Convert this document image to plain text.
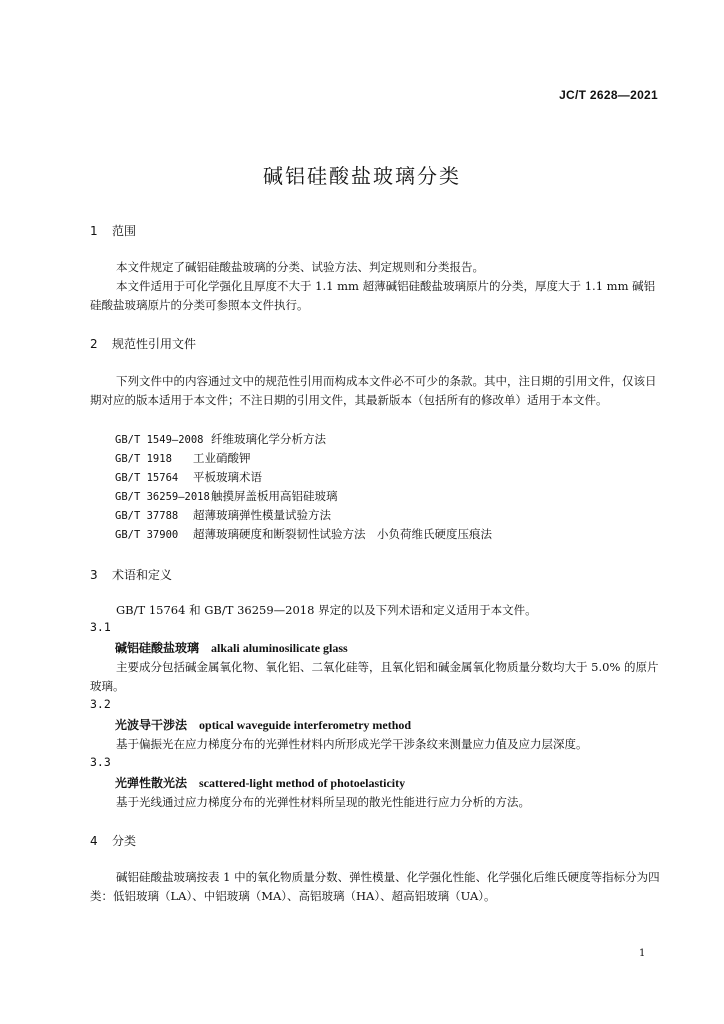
JC/T 2628—2021
碱铝硅酸盐玻璃分类
1 范围
本文件规定了碱铝硅酸盐玻璃的分类、试验方法、判定规则和分类报告。
本文件适用于可化学强化且厚度不大于 1.1 mm 超薄碱铝硅酸盐玻璃原片的分类，厚度大于 1.1 mm 碱铝硅酸盐玻璃原片的分类可参照本文件执行。
2 规范性引用文件
下列文件中的内容通过文中的规范性引用而构成本文件必不可少的条款。其中，注日期的引用文件，仅该日期对应的版本适用于本文件；不注日期的引用文件，其最新版本（包括所有的修改单）适用于本文件。
GB/T 1549—2008 纤维玻璃化学分析方法
GB/T 1918 工业硝酸钾
GB/T 15764 平板玻璃术语
GB/T 36259—2018触摸屏盖板用高铝硅玻璃
GB/T 37788 超薄玻璃弹性模量试验方法
GB/T 37900 超薄玻璃硬度和断裂韧性试验方法　小负荷维氏硬度压痕法
3 术语和定义
GB/T 15764 和 GB/T 36259—2018 界定的以及下列术语和定义适用于本文件。
3.1
碱铝硅酸盐玻璃 alkali aluminosilicate glass
主要成分包括碱金属氧化物、氧化铝、二氧化硅等，且氧化铝和碱金属氧化物质量分数均大于 5.0% 的原片玻璃。
3.2
光波导干涉法 optical waveguide interferometry method
基于偏振光在应力梯度分布的光弹性材料内所形成光学干涉条纹来测量应力值及应力层深度。
3.3
光弹性散光法 scattered-light method of photoelasticity
基于光线通过应力梯度分布的光弹性材料所呈现的散光性能进行应力分析的方法。
4 分类
碱铝硅酸盐玻璃按表 1 中的氧化物质量分数、弹性模量、化学强化性能、化学强化后维氏硬度等指标分为四类：低铝玻璃（LA）、中铝玻璃（MA）、高铝玻璃（HA）、超高铝玻璃（UA）。
1
